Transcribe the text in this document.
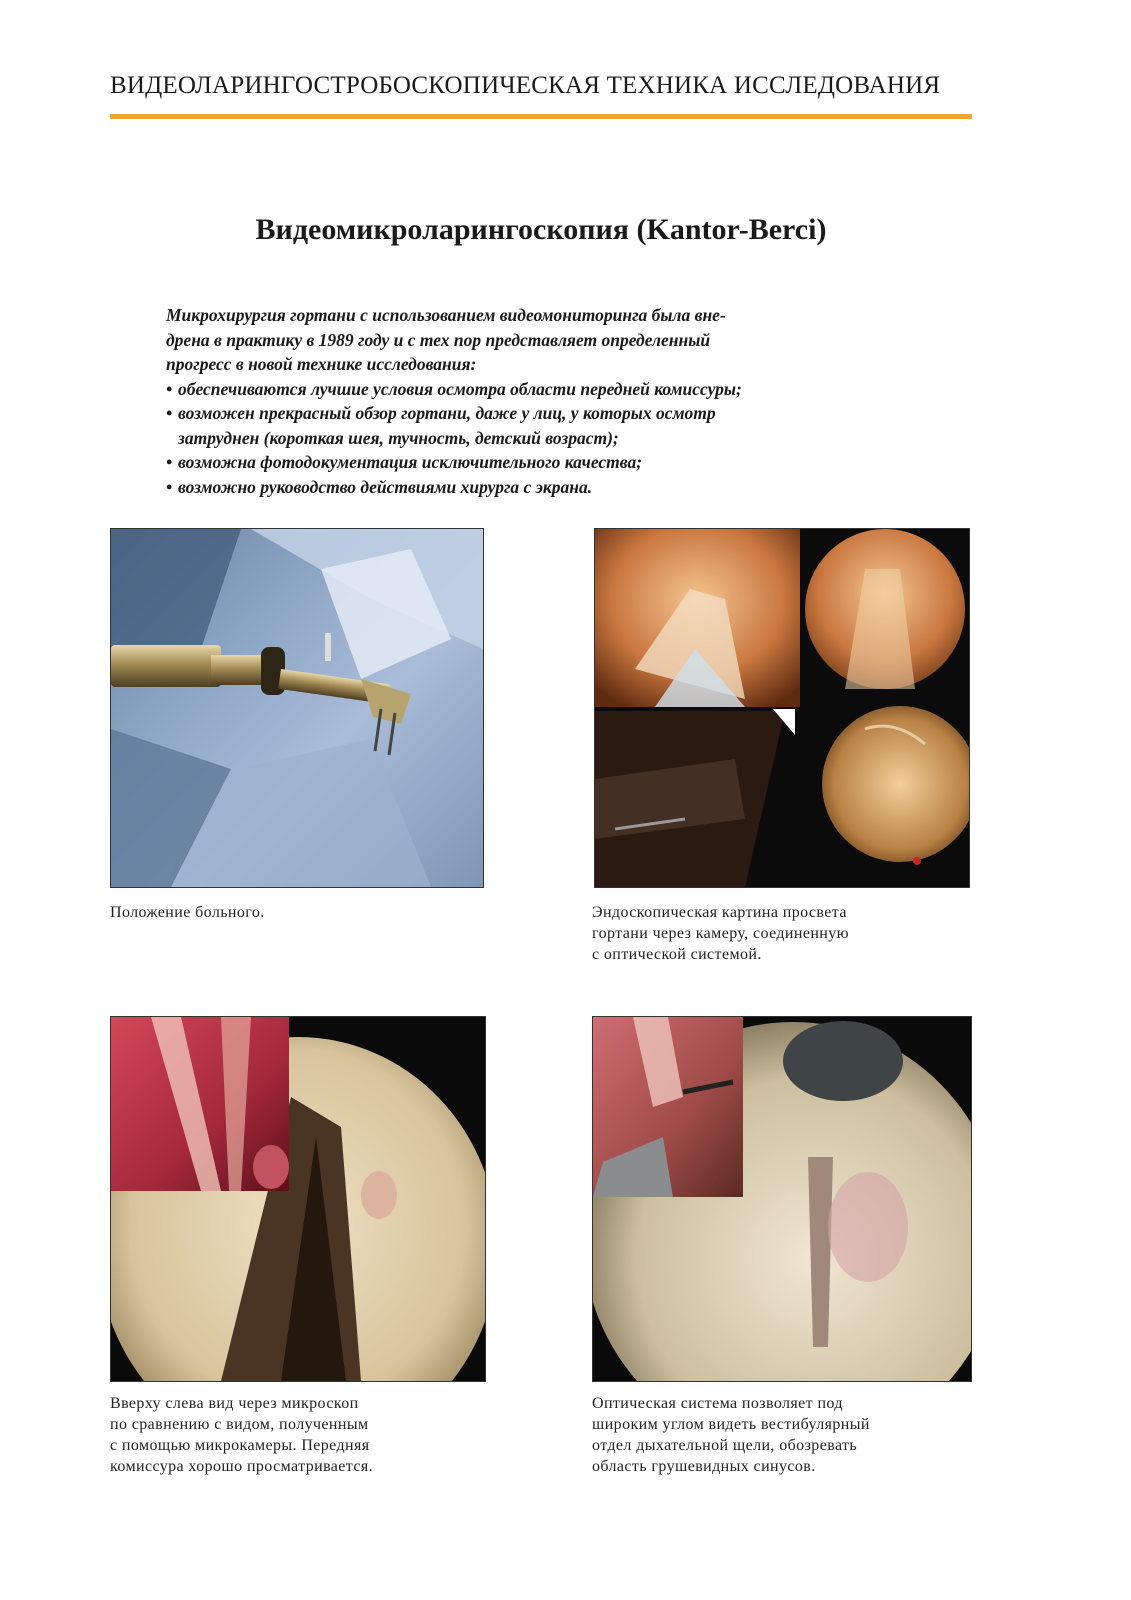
ВИДЕОЛАРИНГОСТРОБОСКОПИЧЕСКАЯ ТЕХНИКА ИССЛЕДОВАНИЯ
Видеомикроларингоскопия (Kantor-Berci)

Микрохирургия гортани с использованием видеомониторинга была вне-

дрена в практику в 1989 году и с тех пор представляет определенный

прогресс в новой технике исследования:

• обеспечиваются лучшие условия осмотра области передней комиссуры;
• возможен прекрасный обзор гортани, даже у лиц, у которых осмотр
затруднен (короткая шея, тучность, детский возраст);
• возможна фотодокументация исключительного качества;
• возможно руководство действиями хирурга с экрана.

Положение больного.	Эндоскопическая картина просвета

гортани через камеру, соединенную

с оптической системой.

Вверху слева вид через микроскоп

по сравнению с видом, полученным

с помощью микрокамеры. Передняя

комиссура хорошо просматривается.

Оптическая система позволяет под

широким углом видеть вестибулярный

отдел дыхательной щели, обозревать

область грушевидных синусов.
